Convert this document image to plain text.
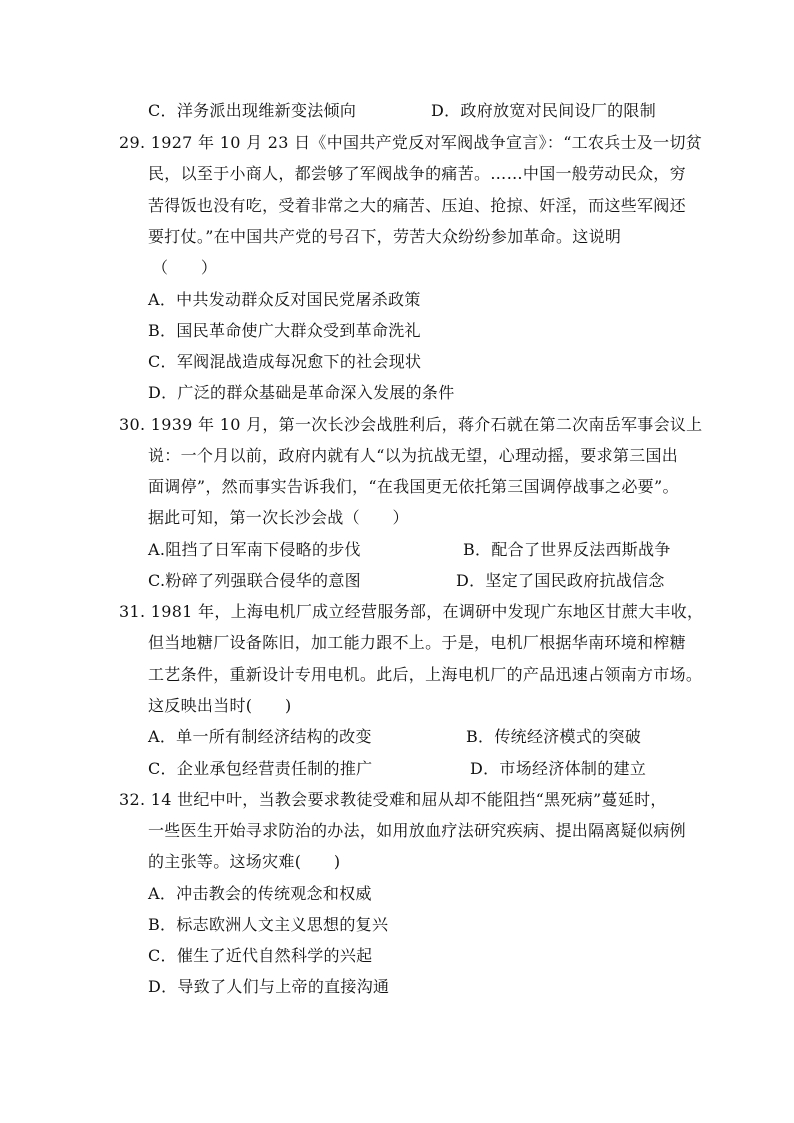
C．洋务派出现维新变法倾向	D．政府放宽对民间设厂的限制
29. 1927 年 10 月 23 日《中国共产党反对军阀战争宣言》：“工农兵士及一切贫
民，以至于小商人，都尝够了军阀战争的痛苦。……中国一般劳动民众，穷
苦得饭也没有吃，受着非常之大的痛苦、压迫、抢掠、奸淫，而这些军阀还
要打仗。”在中国共产党的号召下，劳苦大众纷纷参加革命。这说明
（　　）
A．中共发动群众反对国民党屠杀政策
B．国民革命使广大群众受到革命洗礼
C．军阀混战造成每况愈下的社会现状
D．广泛的群众基础是革命深入发展的条件
30. 1939 年 10 月，第一次长沙会战胜利后，蒋介石就在第二次南岳军事会议上
说：一个月以前，政府内就有人“以为抗战无望，心理动摇，要求第三国出
面调停”，然而事实告诉我们，“在我国更无依托第三国调停战事之必要”。
据此可知，第一次长沙会战（　　）
A.阻挡了日军南下侵略的步伐	B．配合了世界反法西斯战争
C.粉碎了列强联合侵华的意图	D．坚定了国民政府抗战信念
31. 1981 年，上海电机厂成立经营服务部，在调研中发现广东地区甘蔗大丰收，
但当地糖厂设备陈旧，加工能力跟不上。于是，电机厂根据华南环境和榨糖
工艺条件，重新设计专用电机。此后，上海电机厂的产品迅速占领南方市场。
这反映出当时(　　)
A．单一所有制经济结构的改变	B．传统经济模式的突破
C．企业承包经营责任制的推广	D．市场经济体制的建立
32. 14 世纪中叶，当教会要求教徒受难和屈从却不能阻挡“黑死病”蔓延时，
一些医生开始寻求防治的办法，如用放血疗法研究疾病、提出隔离疑似病例
的主张等。这场灾难(　　)
A．冲击教会的传统观念和权威
B．标志欧洲人文主义思想的复兴
C．催生了近代自然科学的兴起
D．导致了人们与上帝的直接沟通
